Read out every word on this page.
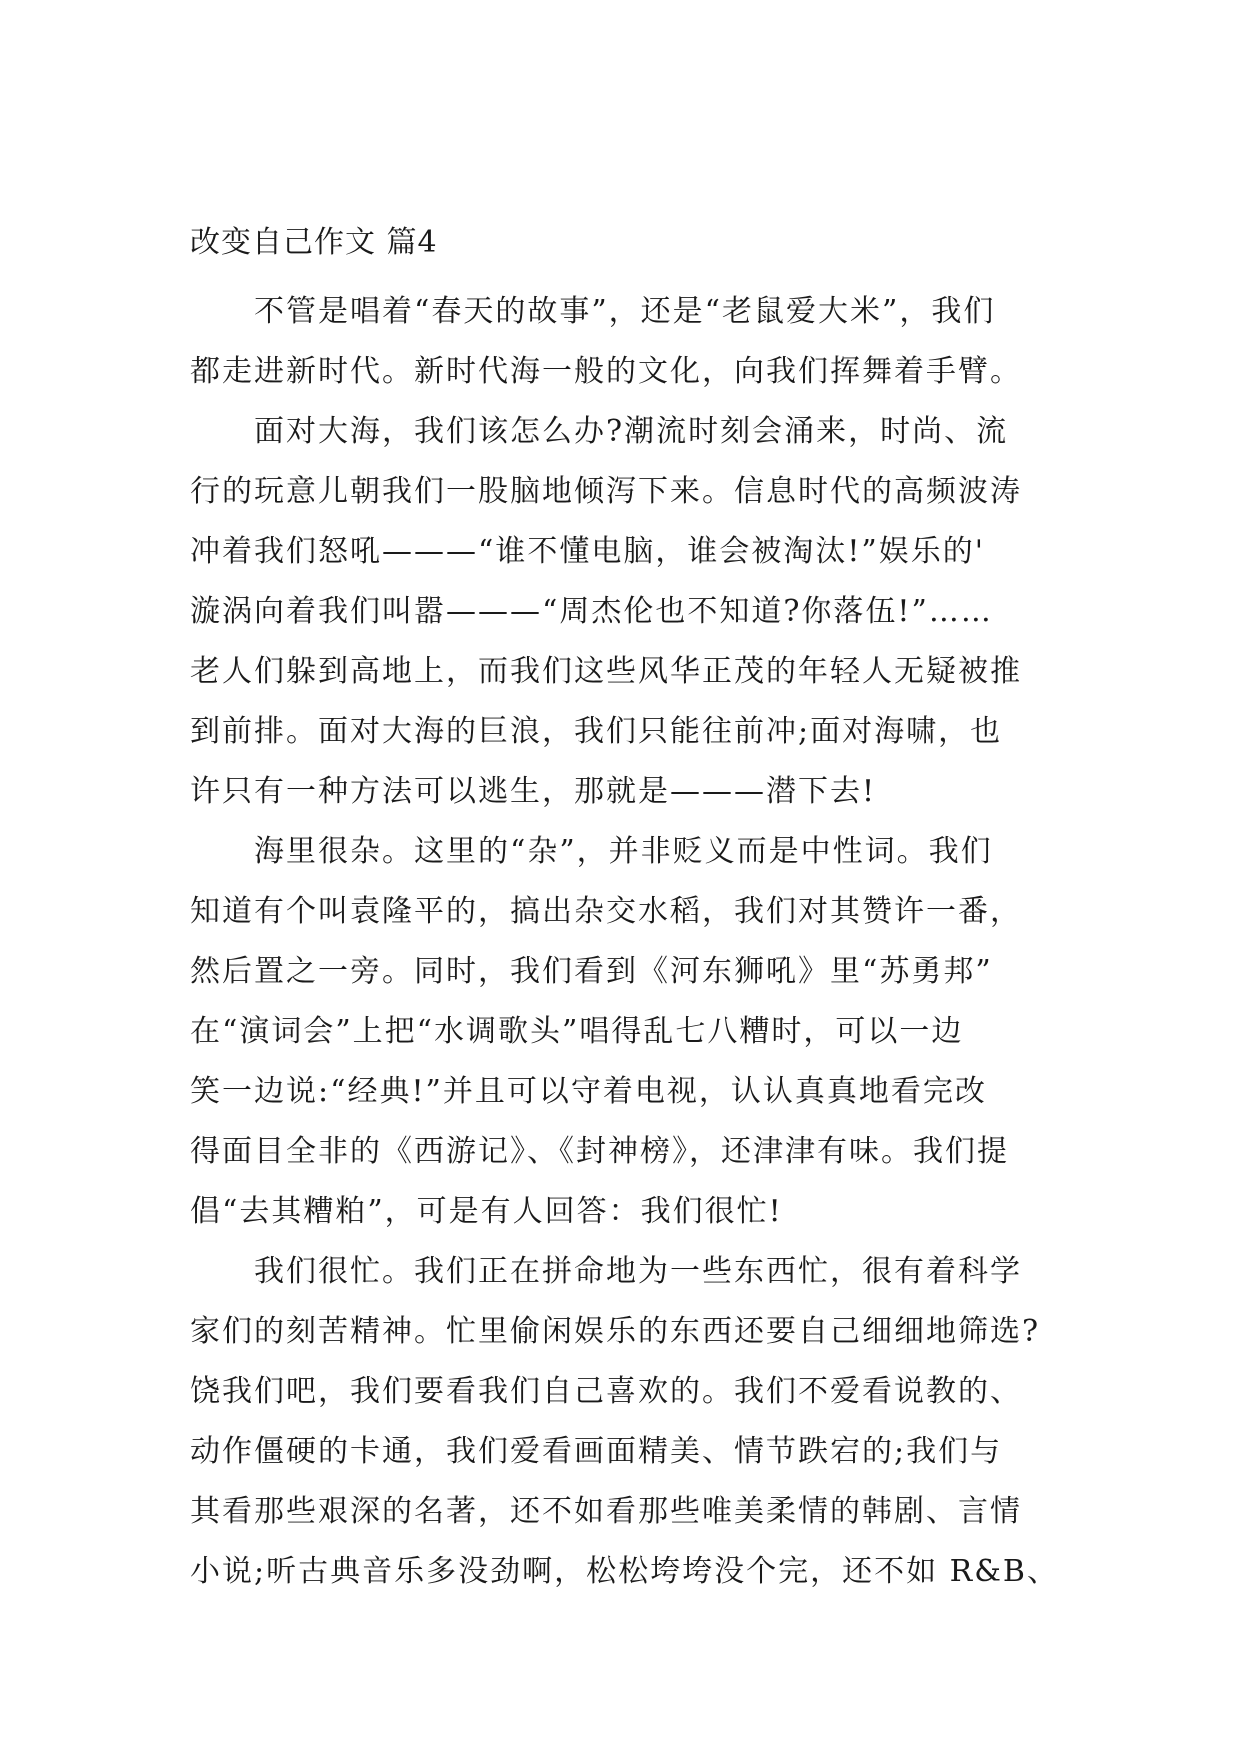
改变自己作文 篇4
不管是唱着“春天的故事”，还是“老鼠爱大米”，我们
都走进新时代。新时代海一般的文化，向我们挥舞着手臂。
面对大海，我们该怎么办?潮流时刻会涌来，时尚、流
行的玩意儿朝我们一股脑地倾泻下来。信息时代的高频波涛
冲着我们怒吼———“谁不懂电脑，谁会被淘汰!”娱乐的'
漩涡向着我们叫嚣———“周杰伦也不知道?你落伍!”……
老人们躲到高地上，而我们这些风华正茂的年轻人无疑被推
到前排。面对大海的巨浪，我们只能往前冲;面对海啸，也
许只有一种方法可以逃生，那就是———潜下去!
海里很杂。这里的“杂”，并非贬义而是中性词。我们
知道有个叫袁隆平的，搞出杂交水稻，我们对其赞许一番，
然后置之一旁。同时，我们看到《河东狮吼》里“苏勇邦”
在“演词会”上把“水调歌头”唱得乱七八糟时，可以一边
笑一边说:“经典!”并且可以守着电视，认认真真地看完改
得面目全非的《西游记》、《封神榜》，还津津有味。我们提
倡“去其糟粕”，可是有人回答：我们很忙!
我们很忙。我们正在拼命地为一些东西忙，很有着科学
家们的刻苦精神。忙里偷闲娱乐的东西还要自己细细地筛选?
饶我们吧，我们要看我们自己喜欢的。我们不爱看说教的、
动作僵硬的卡通，我们爱看画面精美、情节跌宕的;我们与
其看那些艰深的名著，还不如看那些唯美柔情的韩剧、言情
小说;听古典音乐多没劲啊，松松垮垮没个完，还不如 R&B、
